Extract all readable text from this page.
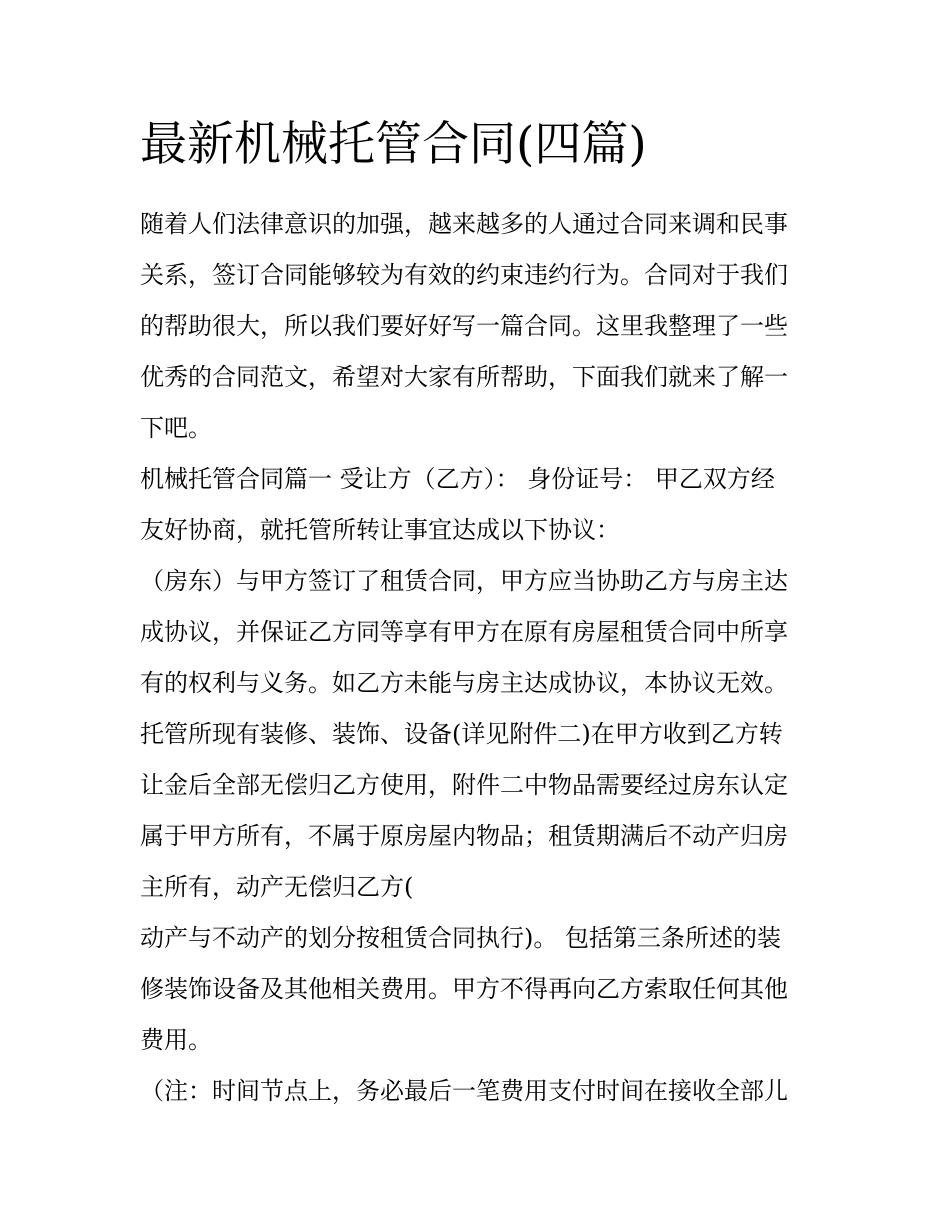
最新机械托管合同(四篇)
随着人们法律意识的加强，越来越多的人通过合同来调和民事
关系，签订合同能够较为有效的约束违约行为。合同对于我们
的帮助很大，所以我们要好好写一篇合同。这里我整理了一些
优秀的合同范文，希望对大家有所帮助，下面我们就来了解一
下吧。
机械托管合同篇一 受让方（乙方）： 身份证号： 甲乙双方经
友好协商，就托管所转让事宜达成以下协议：
（房东）与甲方签订了租赁合同，甲方应当协助乙方与房主达
成协议，并保证乙方同等享有甲方在原有房屋租赁合同中所享
有的权利与义务。如乙方未能与房主达成协议，本协议无效。
托管所现有装修、装饰、设备(详见附件二)在甲方收到乙方转
让金后全部无偿归乙方使用，附件二中物品需要经过房东认定
属于甲方所有，不属于原房屋内物品；租赁期满后不动产归房
主所有，动产无偿归乙方(
动产与不动产的划分按租赁合同执行)。 包括第三条所述的装
修装饰设备及其他相关费用。甲方不得再向乙方索取任何其他
费用。
（注：时间节点上，务必最后一笔费用支付时间在接收全部儿
